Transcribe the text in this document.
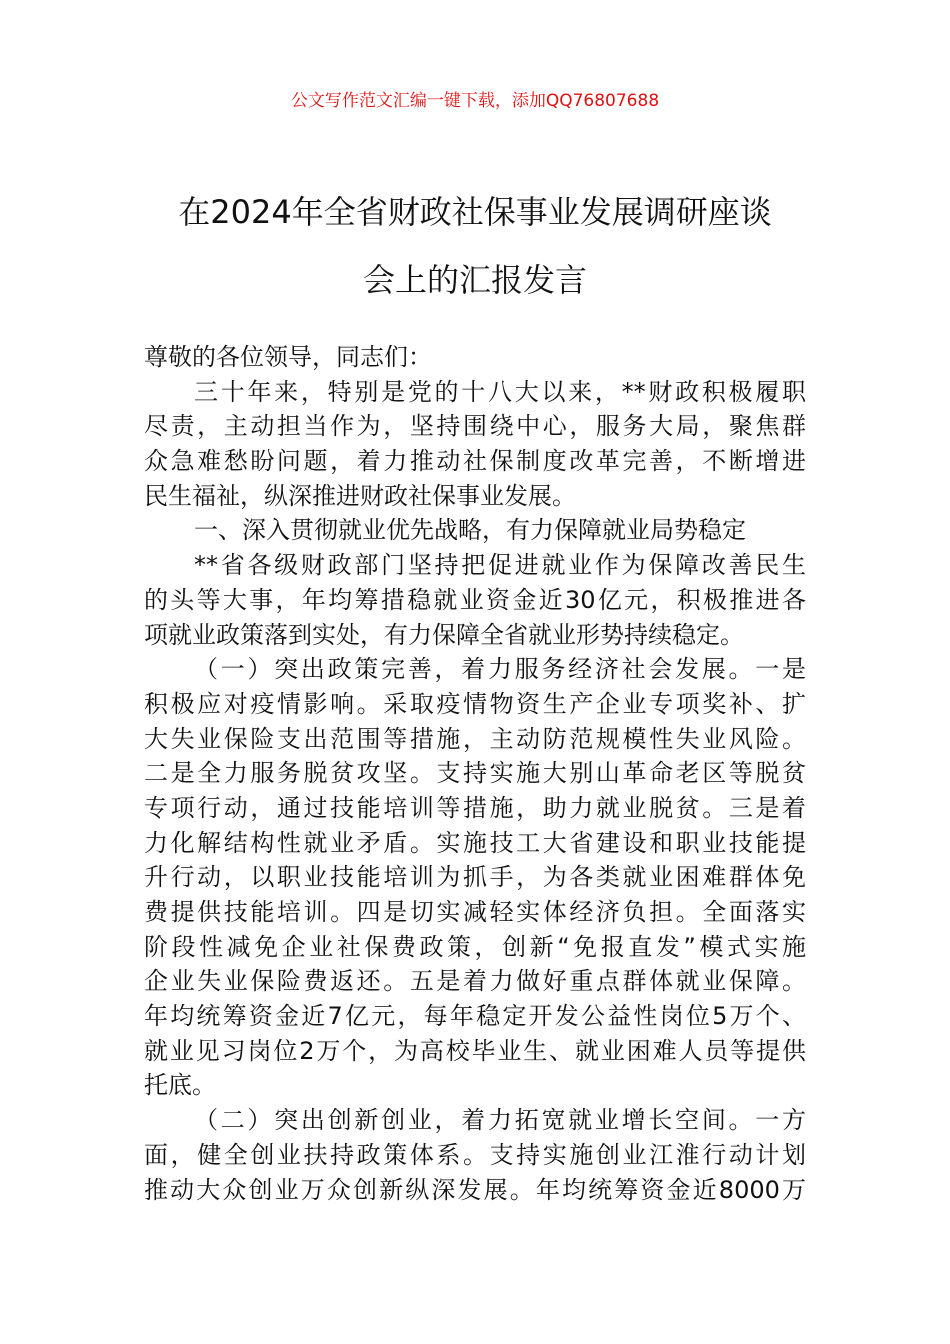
公文写作范文汇编一键下载，添加QQ76807688
在2024年全省财政社保事业发展调研座谈
会上的汇报发言
尊敬的各位领导，同志们：
三十年来，特别是党的十八大以来，**财政积极履职
尽责，主动担当作为，坚持围绕中心，服务大局，聚焦群
众急难愁盼问题，着力推动社保制度改革完善，不断增进
民生福祉，纵深推进财政社保事业发展。
一、深入贯彻就业优先战略，有力保障就业局势稳定
**省各级财政部门坚持把促进就业作为保障改善民生
的头等大事，年均筹措稳就业资金近30亿元，积极推进各
项就业政策落到实处，有力保障全省就业形势持续稳定。
（一）突出政策完善，着力服务经济社会发展。一是
积极应对疫情影响。采取疫情物资生产企业专项奖补、扩
大失业保险支出范围等措施，主动防范规模性失业风险。
二是全力服务脱贫攻坚。支持实施大别山革命老区等脱贫
专项行动，通过技能培训等措施，助力就业脱贫。三是着
力化解结构性就业矛盾。实施技工大省建设和职业技能提
升行动，以职业技能培训为抓手，为各类就业困难群体免
费提供技能培训。四是切实减轻实体经济负担。全面落实
阶段性减免企业社保费政策，创新“免报直发”模式实施
企业失业保险费返还。五是着力做好重点群体就业保障。
年均统筹资金近7亿元，每年稳定开发公益性岗位5万个、
就业见习岗位2万个，为高校毕业生、就业困难人员等提供
托底。
（二）突出创新创业，着力拓宽就业增长空间。一方
面，健全创业扶持政策体系。支持实施创业江淮行动计划
推动大众创业万众创新纵深发展。年均统筹资金近8000万
